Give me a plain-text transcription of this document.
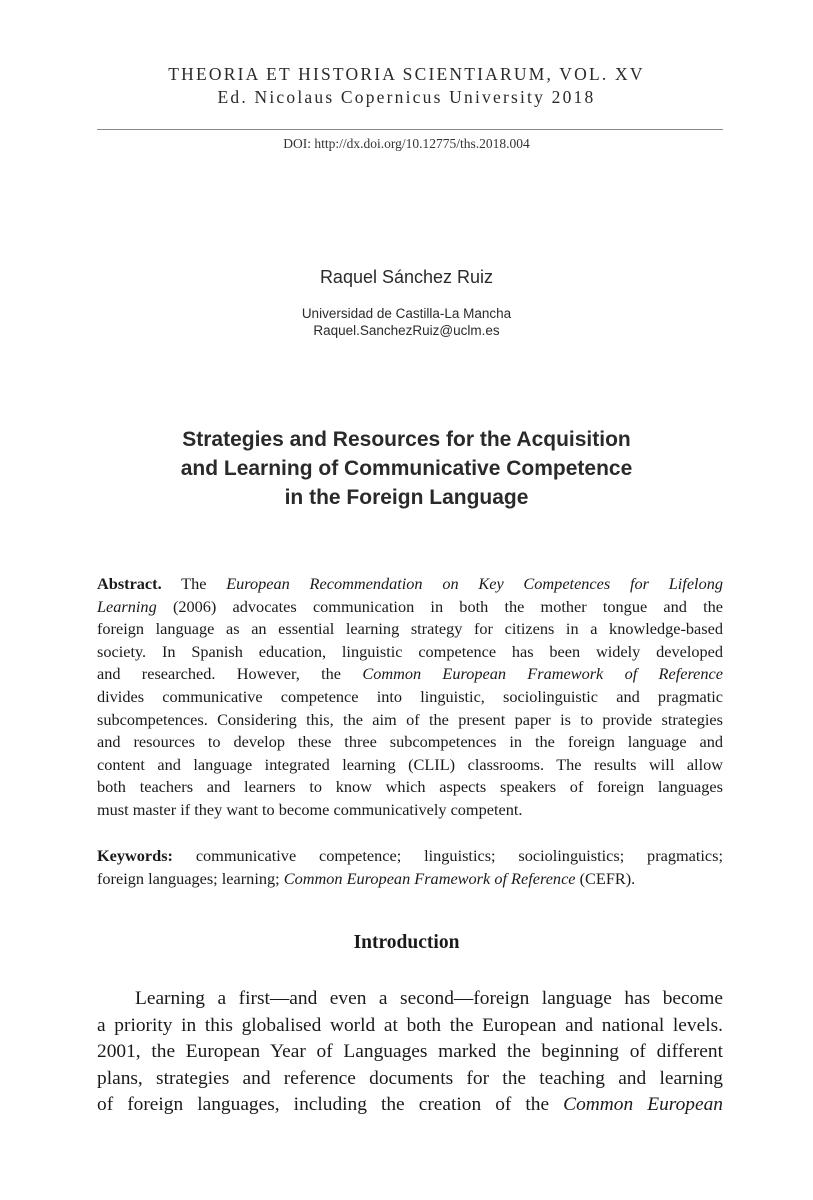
THEORIA ET HISTORIA SCIENTIARUM, VOL. XV
Ed. Nicolaus Copernicus University 2018
DOI: http://dx.doi.org/10.12775/ths.2018.004
Raquel Sánchez Ruiz
Universidad de Castilla-La Mancha
Raquel.SanchezRuiz@uclm.es
Strategies and Resources for the Acquisition
and Learning of Communicative Competence
in the Foreign Language
Abstract. The European Recommendation on Key Competences for Lifelong
Learning (2006) advocates communication in both the mother tongue and the
foreign language as an essential learning strategy for citizens in a knowledge-based
society. In Spanish education, linguistic competence has been widely developed
and researched. However, the Common European Framework of Reference
divides communicative competence into linguistic, sociolinguistic and pragmatic
subcompetences. Considering this, the aim of the present paper is to provide strategies
and resources to develop these three subcompetences in the foreign language and
content and language integrated learning (CLIL) classrooms. The results will allow
both teachers and learners to know which aspects speakers of foreign languages
must master if they want to become communicatively competent.
Keywords: communicative competence; linguistics; sociolinguistics; pragmatics;
foreign languages; learning; Common European Framework of Reference (CEFR).
Introduction
Learning a first—and even a second—foreign language has become
a priority in this globalised world at both the European and national levels.
2001, the European Year of Languages marked the beginning of different
plans, strategies and reference documents for the teaching and learning
of foreign languages, including the creation of the Common European
